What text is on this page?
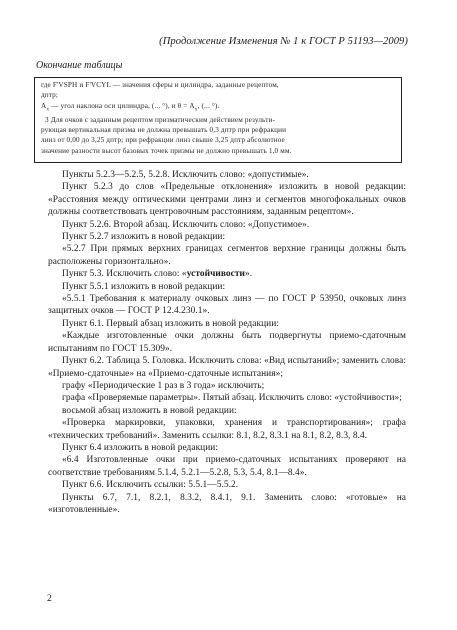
(Продолжение Изменения № 1 к ГОСТ Р 51193—2009)
Окончание таблицы

где F'VSPH и F'VCYL — значения сферы и цилиндра, заданные рецептом,

дптр;

$А_x$ — угол наклона оси цилиндра, (... °), и $\theta = A_x$, (... °).

3 Для очков с заданным рецептом призматическим действием результи-

рующая вертикальная призма не должна превышать 0,3 дптр при рефракции

линз от 0,00 до 3,25 дптр; при рефракции линз свыше 3,25 дптр абсолютное

значение разности высот базовых точек призмы не должно превышать 1,0 мм.

Пункты 5.2.3—5.2.5, 5.2.8. Исключить слово: «допустимые».

Пункт 5.2.3 до слов «Предельные отклонения» изложить в новой редакции: «Расстояния между оптическими центрами линз и сегментов многофокальных очков должны соответствовать центровочным расстояниям, заданным рецептом».

Пункт 5.2.6. Второй абзац. Исключить слово: «Допустимое».

Пункт 5.2.7 изложить в новой редакции:

«5.2.7 При прямых верхних границах сегментов верхние границы должны быть расположены горизонтально».

Пункт 5.3. Исключить слово: «устойчивости».

Пункт 5.5.1 изложить в новой редакции:

«5.5.1 Требования к материалу очковых линз — по ГОСТ Р 53950, очковых линз защитных очков — ГОСТ Р 12.4.230.1».

Пункт 6.1. Первый абзац изложить в новой редакции:

«Каждые изготовленные очки должны быть подвергнуты приемо-сдаточным испытаниям по ГОСТ 15.309».

Пункт 6.2. Таблица 5. Головка. Исключить слова: «Вид испытаний»; заменить слова: «Приемо-сдаточные» на «Приемо-сдаточные испытания»;

графу «Периодические 1 раз в 3 года» исключить;

графа «Проверяемые параметры». Пятый абзац. Исключить слово: «устойчивости»;

восьмой абзац изложить в новой редакции:

«Проверка маркировки, упаковки, хранения и транспортирования»; графа «технических требований». Заменить ссылки: 8.1, 8.2, 8.3.1 на 8.1, 8.2, 8.3, 8.4.

Пункт 6.4 изложить в новой редакции:

«6.4 Изготовленные очки при приемо-сдаточных испытаниях проверяют на соответствие требованиям 5.1.4, 5.2.1—5.2.8, 5.3, 5.4, 8.1—8.4».

Пункт 6.6. Исключить ссылки: 5.5.1—5.5.2.

Пункты 6.7, 7.1, 8.2.1, 8.3.2, 8.4.1, 9.1. Заменить слово: «готовые» на «изготовленные».

2
